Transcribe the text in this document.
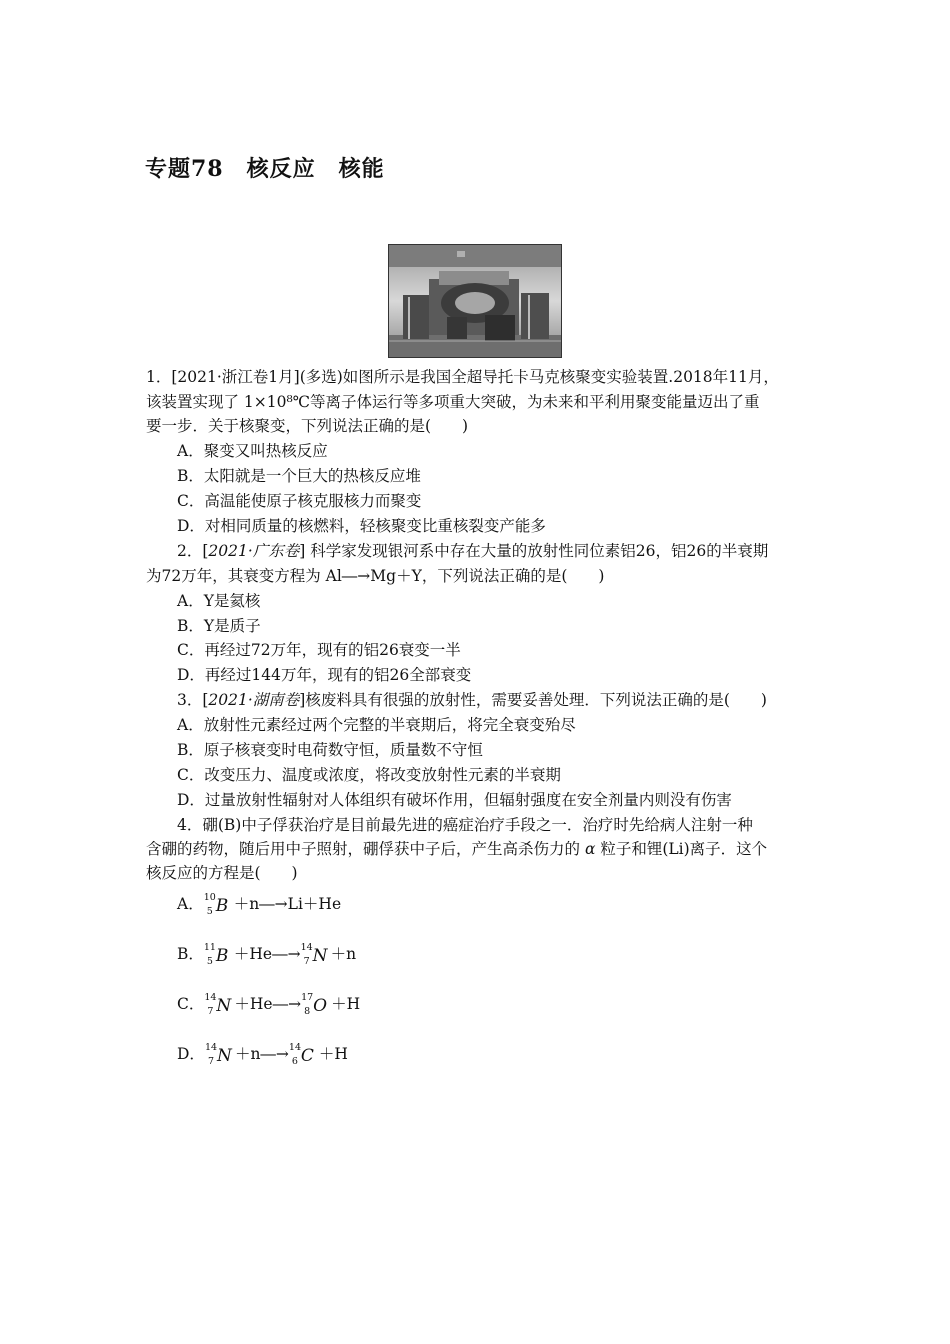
专题78　核反应　核能
1．[2021·浙江卷1月](多选)如图所示是我国全超导托卡马克核聚变实验装置.2018年11月，
该装置实现了 1×10⁸℃等离子体运行等多项重大突破，为未来和平利用聚变能量迈出了重
要一步．关于核聚变，下列说法正确的是(　　)
A．聚变又叫热核反应
B．太阳就是一个巨大的热核反应堆
C．高温能使原子核克服核力而聚变
D．对相同质量的核燃料，轻核聚变比重核裂变产能多
2．[2021·广东卷] 科学家发现银河系中存在大量的放射性同位素铝26，铝26的半衰期
为72万年，其衰变方程为 Al―→Mg＋Y，下列说法正确的是(　　)
A．Y是氦核
B．Y是质子
C．再经过72万年，现有的铝26衰变一半
D．再经过144万年，现有的铝26全部衰变
3．[2021·湖南卷]核废料具有很强的放射性，需要妥善处理．下列说法正确的是(　　)
A．放射性元素经过两个完整的半衰期后，将完全衰变殆尽
B．原子核衰变时电荷数守恒，质量数不守恒
C．改变压力、温度或浓度，将改变放射性元素的半衰期
D．过量放射性辐射对人体组织有破坏作用，但辐射强度在安全剂量内则没有伤害
4．硼(B)中子俘获治疗是目前最先进的癌症治疗手段之一．治疗时先给病人注射一种
含硼的药物，随后用中子照射，硼俘获中子后，产生高杀伤力的 α 粒子和锂(Li)离子．这个
核反应的方程是(　　)
A． 10
5 B ＋n―→Li＋He
B． 11
5 B ＋He―→ 14
7 N ＋n
C． 14
7 N ＋He―→ 17
8 O ＋H
D． 14
7 N ＋n―→ 14
6 C ＋H
